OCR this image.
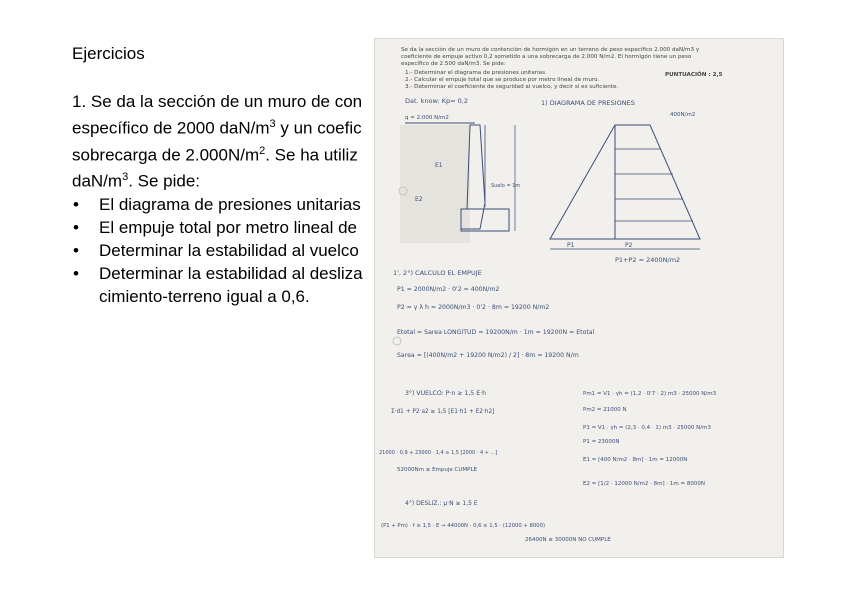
Ejercicios

1. Se da la sección de un muro de con

específico de 2000 daN/$m^3$ y un coefic

sobrecarga de $2.000N/m^2$. Se ha utiliz

daN/$m^3$. Se pide:

• El diagrama de presiones unitarias
• El empuje total por metro lineal de
• Determinar la estabilidad al vuelco
• Determinar la estabilidad al desliza

cimiento-terreno igual a 0,6.

Se da la sección de un muro de contención de hormigón en un terreno de peso específico 2.000 daN/m3 y
coeficiente de empuje activo 0,2 sometido a una sobrecarga de 2.000 N/m2. El hormigón tiene un peso
específico de 2.500 daN/m3. Se pide:
1.- Determinar el diagrama de presiones unitarias.	PUNTUACIÓN : 2,5
2.- Calcular el empuje total que se produce por metro lineal de muro.
3.- Determinar el coeficiente de seguridad al vuelco, y decir si es suficiente.
Dat. know: Kp= 0,2	1) DIAGRAMA DE PRESIONES
q = 2.000 N/m2
Suelo = 1m
E1
E2
400N/m2
P1	P2
P1+P2 = 2400N/m2
1', 2°) CALCULO EL EMPUJE
P1 = 2000N/m2 · 0'2 = 400N/m2
P2 = γ λ h = 2000N/m3 · 0'2 · 8m = 19200 N/m2
Etotal = Sarea LONGITUD = 19200N/m · 1m = 19200N = Etotal
Sarea = [(400N/m2 + 19200 N/m2) / 2] · 8m = 19200 N/m
3°) VUELCO: P·n ≥ 1,5 E·h
Σ·d1 + P2·a2 ≥ 1,5 [E1·h1 + E2·h2]
Pm1 = V1 · γh = (1,2 · 0'7 · 2) m3 · 25000 N/m3
Pm2 = 21000 N
P1 = V1 · γh = (2,3 · 0,4 · 1) m3 · 25000 N/m3
P1 = 23000N
E1 = [400 N/m2 · 8m] · 1m = 12000N
E2 = [1/2 · 12000 N/m2 · 8m] · 1m = 8000N
21000 · 0,9 + 23000 · 1,4 ≥ 1,5 [2000 · 4 + ...]
52000Nm ≥ Empuje CUMPLE
4°) DESLIZ.: μ·N ≥ 1,5 E
(P1 + Pm) · f ≥ 1,5 · E → 44000N · 0,6 ≥ 1,5 · (12000 + 8000)
26400N ≥ 30000N NO CUMPLE
